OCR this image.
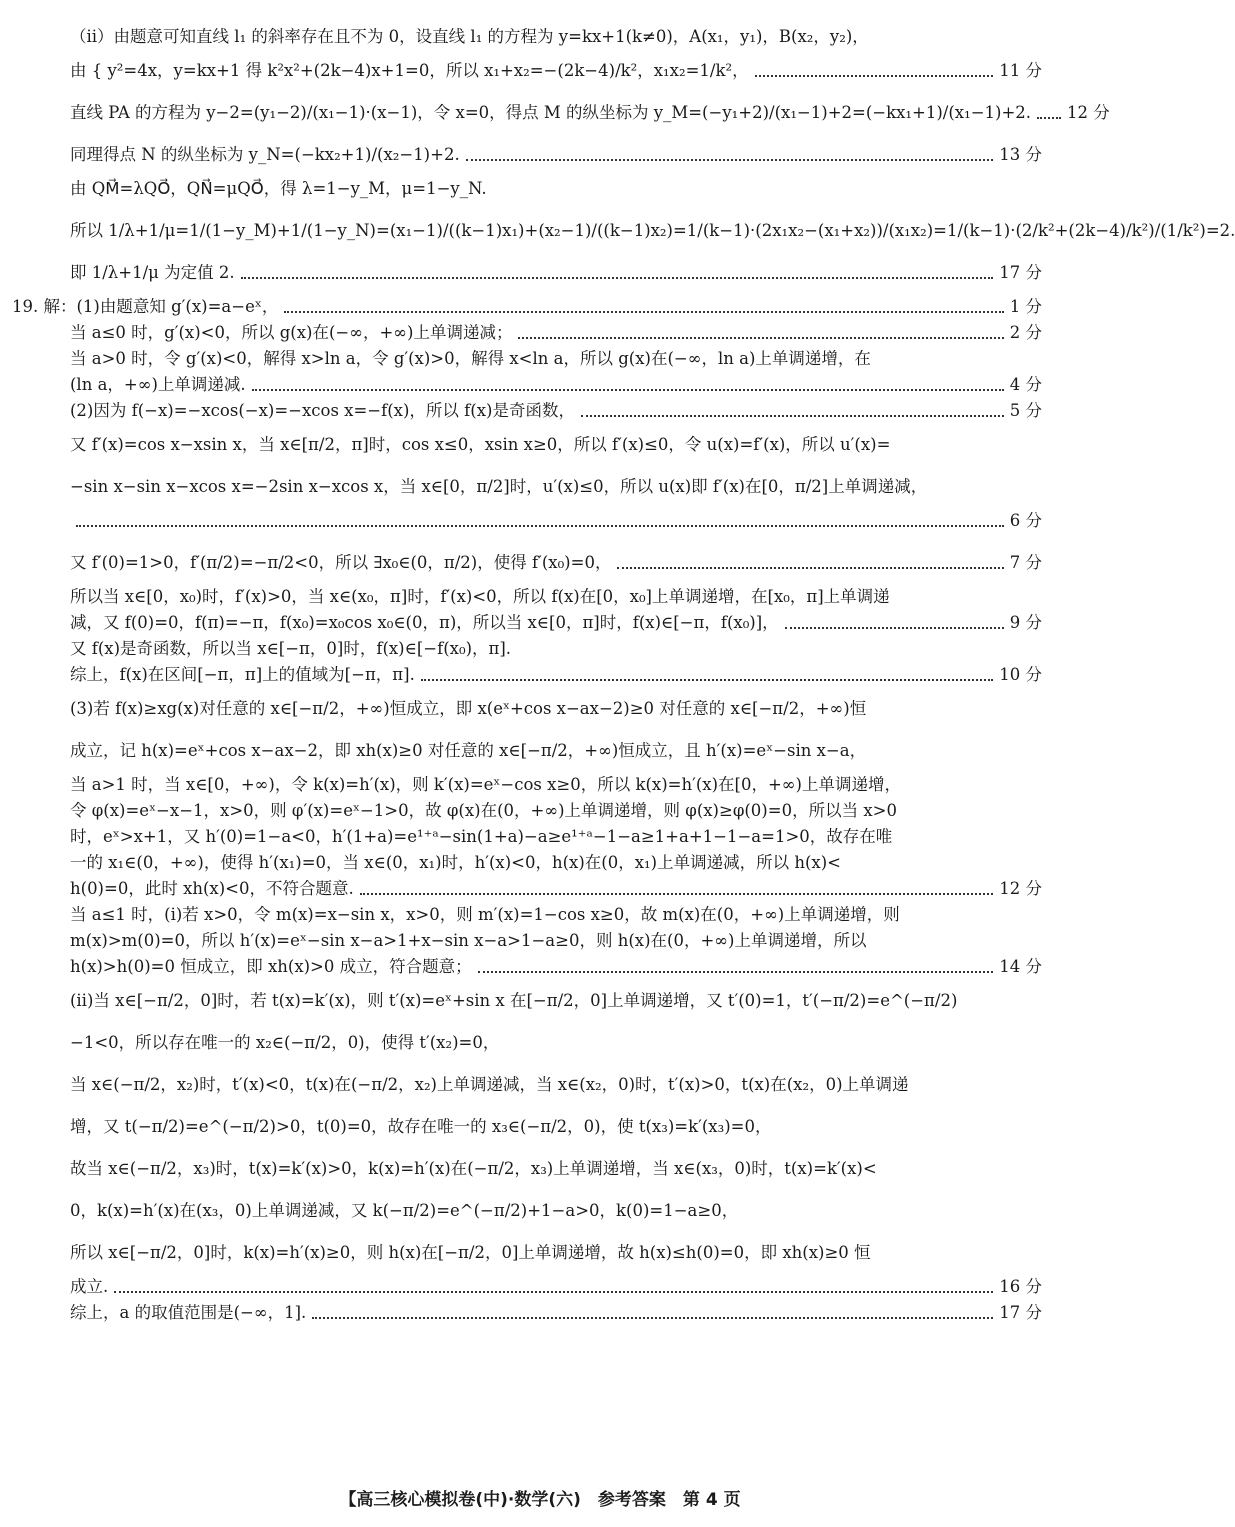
（ⅱ）由题意可知直线 l₁ 的斜率存在且不为 0，设直线 l₁ 的方程为 y=kx+1(k≠0)，A(x₁，y₁)，B(x₂，y₂)，
由 { y²=4x，y=kx+1 得 k²x²+(2k−4)x+1=0，所以 x₁+x₂=−(2k−4)/k²，x₁x₂=1/k²，	11 分
直线 PA 的方程为 y−2=(y₁−2)/(x₁−1)·(x−1)，令 x=0，得点 M 的纵坐标为 y_M=(−y₁+2)/(x₁−1)+2=(−kx₁+1)/(x₁−1)+2. 12 分
同理得点 N 的纵坐标为 y_N=(−kx₂+1)/(x₂−1)+2.	13 分
由 QM⃗=λQO⃗，QN⃗=μQO⃗，得 λ=1−y_M，μ=1−y_N.
所以 1/λ+1/μ=1/(1−y_M)+1/(1−y_N)=(x₁−1)/((k−1)x₁)+(x₂−1)/((k−1)x₂)=1/(k−1)·(2x₁x₂−(x₁+x₂))/(x₁x₂)=1/(k−1)·(2/k²+(2k−4)/k²)/(1/k²)=2.
即 1/λ+1/μ 为定值 2.	17 分
19. 解：(1)由题意知 g′(x)=a−eˣ，	1 分
当 a≤0 时，g′(x)<0，所以 g(x)在(−∞，+∞)上单调递减；	2 分
当 a>0 时，令 g′(x)<0，解得 x>ln a，令 g′(x)>0，解得 x<ln a，所以 g(x)在(−∞，ln a)上单调递增，在
(ln a，+∞)上单调递减.	4 分
(2)因为 f(−x)=−xcos(−x)=−xcos x=−f(x)，所以 f(x)是奇函数，	5 分
又 f′(x)=cos x−xsin x，当 x∈[π/2，π]时，cos x≤0，xsin x≥0，所以 f′(x)≤0，令 u(x)=f′(x)，所以 u′(x)=
−sin x−sin x−xcos x=−2sin x−xcos x，当 x∈[0，π/2]时，u′(x)≤0，所以 u(x)即 f′(x)在[0，π/2]上单调递减，
6 分
又 f′(0)=1>0，f′(π/2)=−π/2<0，所以 ∃x₀∈(0，π/2)，使得 f′(x₀)=0，	7 分
所以当 x∈[0，x₀)时，f′(x)>0，当 x∈(x₀，π]时，f′(x)<0，所以 f(x)在[0，x₀]上单调递增，在[x₀，π]上单调递
减，又 f(0)=0，f(π)=−π，f(x₀)=x₀cos x₀∈(0，π)，所以当 x∈[0，π]时，f(x)∈[−π，f(x₀)]，	9 分
又 f(x)是奇函数，所以当 x∈[−π，0]时，f(x)∈[−f(x₀)，π].
综上，f(x)在区间[−π，π]上的值域为[−π，π].	10 分
(3)若 f(x)≥xg(x)对任意的 x∈[−π/2，+∞)恒成立，即 x(eˣ+cos x−ax−2)≥0 对任意的 x∈[−π/2，+∞)恒
成立，记 h(x)=eˣ+cos x−ax−2，即 xh(x)≥0 对任意的 x∈[−π/2，+∞)恒成立，且 h′(x)=eˣ−sin x−a，
当 a>1 时，当 x∈[0，+∞)，令 k(x)=h′(x)，则 k′(x)=eˣ−cos x≥0，所以 k(x)=h′(x)在[0，+∞)上单调递增，
令 φ(x)=eˣ−x−1，x>0，则 φ′(x)=eˣ−1>0，故 φ(x)在(0，+∞)上单调递增，则 φ(x)≥φ(0)=0，所以当 x>0
时，eˣ>x+1，又 h′(0)=1−a<0，h′(1+a)=e¹⁺ᵃ−sin(1+a)−a≥e¹⁺ᵃ−1−a≥1+a+1−1−a=1>0，故存在唯
一的 x₁∈(0，+∞)，使得 h′(x₁)=0，当 x∈(0，x₁)时，h′(x)<0，h(x)在(0，x₁)上单调递减，所以 h(x)<
h(0)=0，此时 xh(x)<0，不符合题意.	12 分
当 a≤1 时，(ⅰ)若 x>0，令 m(x)=x−sin x，x>0，则 m′(x)=1−cos x≥0，故 m(x)在(0，+∞)上单调递增，则
m(x)>m(0)=0，所以 h′(x)=eˣ−sin x−a>1+x−sin x−a>1−a≥0，则 h(x)在(0，+∞)上单调递增，所以
h(x)>h(0)=0 恒成立，即 xh(x)>0 成立，符合题意；	14 分
(ⅱ)当 x∈[−π/2，0]时，若 t(x)=k′(x)，则 t′(x)=eˣ+sin x 在[−π/2，0]上单调递增，又 t′(0)=1，t′(−π/2)=e^(−π/2)
−1<0，所以存在唯一的 x₂∈(−π/2，0)，使得 t′(x₂)=0，
当 x∈(−π/2，x₂)时，t′(x)<0，t(x)在(−π/2，x₂)上单调递减，当 x∈(x₂，0)时，t′(x)>0，t(x)在(x₂，0)上单调递
增，又 t(−π/2)=e^(−π/2)>0，t(0)=0，故存在唯一的 x₃∈(−π/2，0)，使 t(x₃)=k′(x₃)=0，
故当 x∈(−π/2，x₃)时，t(x)=k′(x)>0，k(x)=h′(x)在(−π/2，x₃)上单调递增，当 x∈(x₃，0)时，t(x)=k′(x)<
0，k(x)=h′(x)在(x₃，0)上单调递减，又 k(−π/2)=e^(−π/2)+1−a>0，k(0)=1−a≥0，
所以 x∈[−π/2，0]时，k(x)=h′(x)≥0，则 h(x)在[−π/2，0]上单调递增，故 h(x)≤h(0)=0，即 xh(x)≥0 恒
成立.	16 分
综上，a 的取值范围是(−∞，1].	17 分
【高三核心模拟卷(中)·数学(六)　参考答案　第 4 页
